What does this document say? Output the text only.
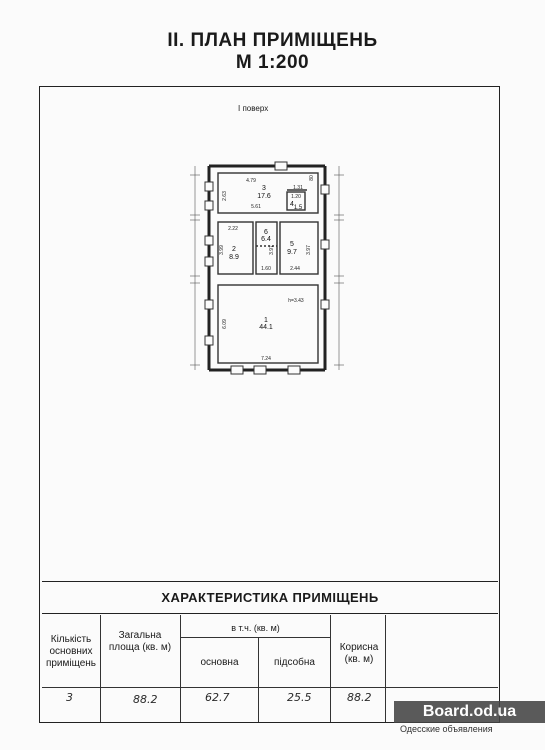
II. ПЛАН ПРИМІЩЕНЬ
М 1:200
I поверх
3
17.6
4 1.5
6
6.4
2
8.9
5
9.7
1
44.1
4.79
2.63
1.31
80
1.20
5.61
2.22
3.99	3.97	3.97
1.60	2.44
6.09
7.24
h=3.43
ХАРАКТЕРИСТИКА ПРИМІЩЕНЬ
Кількість основних приміщень
Загальна площа (кв. м)
в т.ч. (кв. м)
основна	підсобна
Корисна (кв. м)
3	88.2	62.7	25.5	88.2
Board.od.ua
Одесские объявления
